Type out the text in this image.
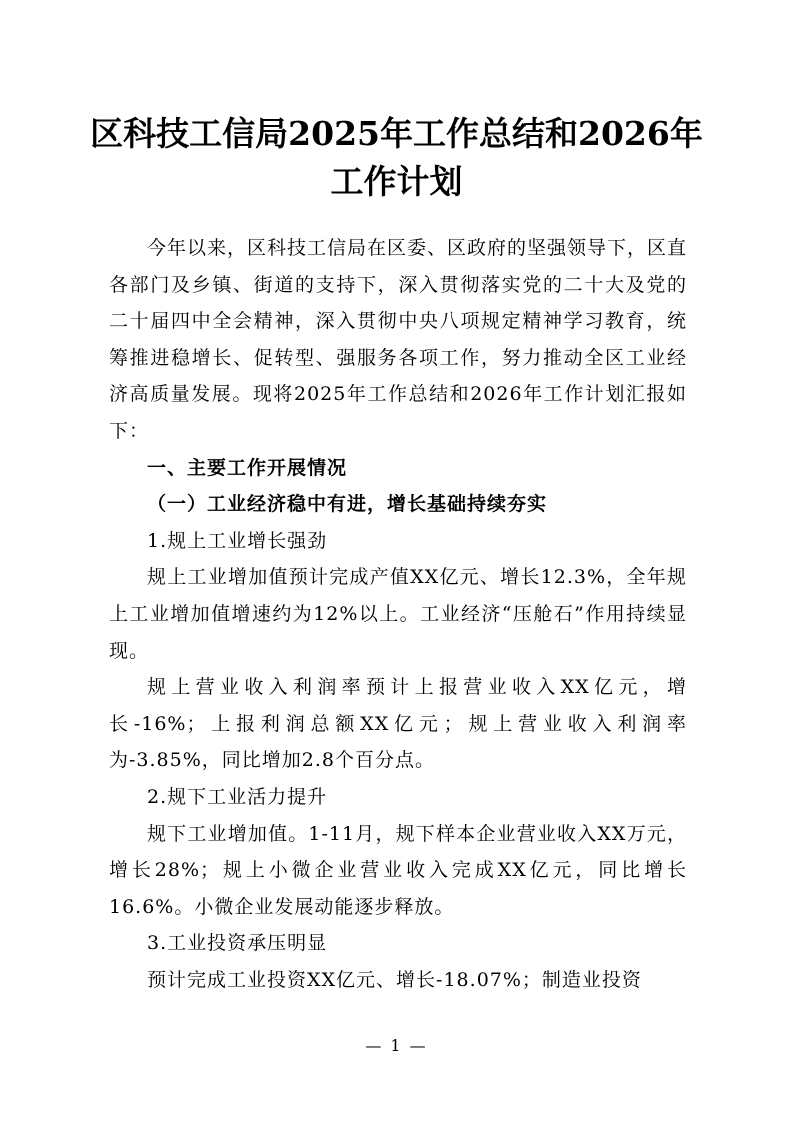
区科技工信局2025年工作总结和2026年
工作计划

今年以来，区科技工信局在区委、区政府的坚强领导下，区直各部门及乡镇、街道的支持下，深入贯彻落实党的二十大及党的二十届四中全会精神，深入贯彻中央八项规定精神学习教育，统筹推进稳增长、促转型、强服务各项工作，努力推动全区工业经济高质量发展。现将2025年工作总结和2026年工作计划汇报如下：

一、主要工作开展情况

（一）工业经济稳中有进，增长基础持续夯实

1.规上工业增长强劲

规上工业增加值预计完成产值XX亿元、增长12.3%，全年规上工业增加值增速约为12%以上。工业经济“压舱石”作用持续显现。

规上营业收入利润率预计上报营业收入XX亿元，增长-16%；上报利润总额XX亿元；规上营业收入利润率为-3.85%，同比增加2.8个百分点。

2.规下工业活力提升

规下工业增加值。1-11月，规下样本企业营业收入XX万元，增长28%；规上小微企业营业收入完成XX亿元，同比增长16.6%。小微企业发展动能逐步释放。

3.工业投资承压明显

预计完成工业投资XX亿元、增长-18.07%；制造业投资

— 1 —
